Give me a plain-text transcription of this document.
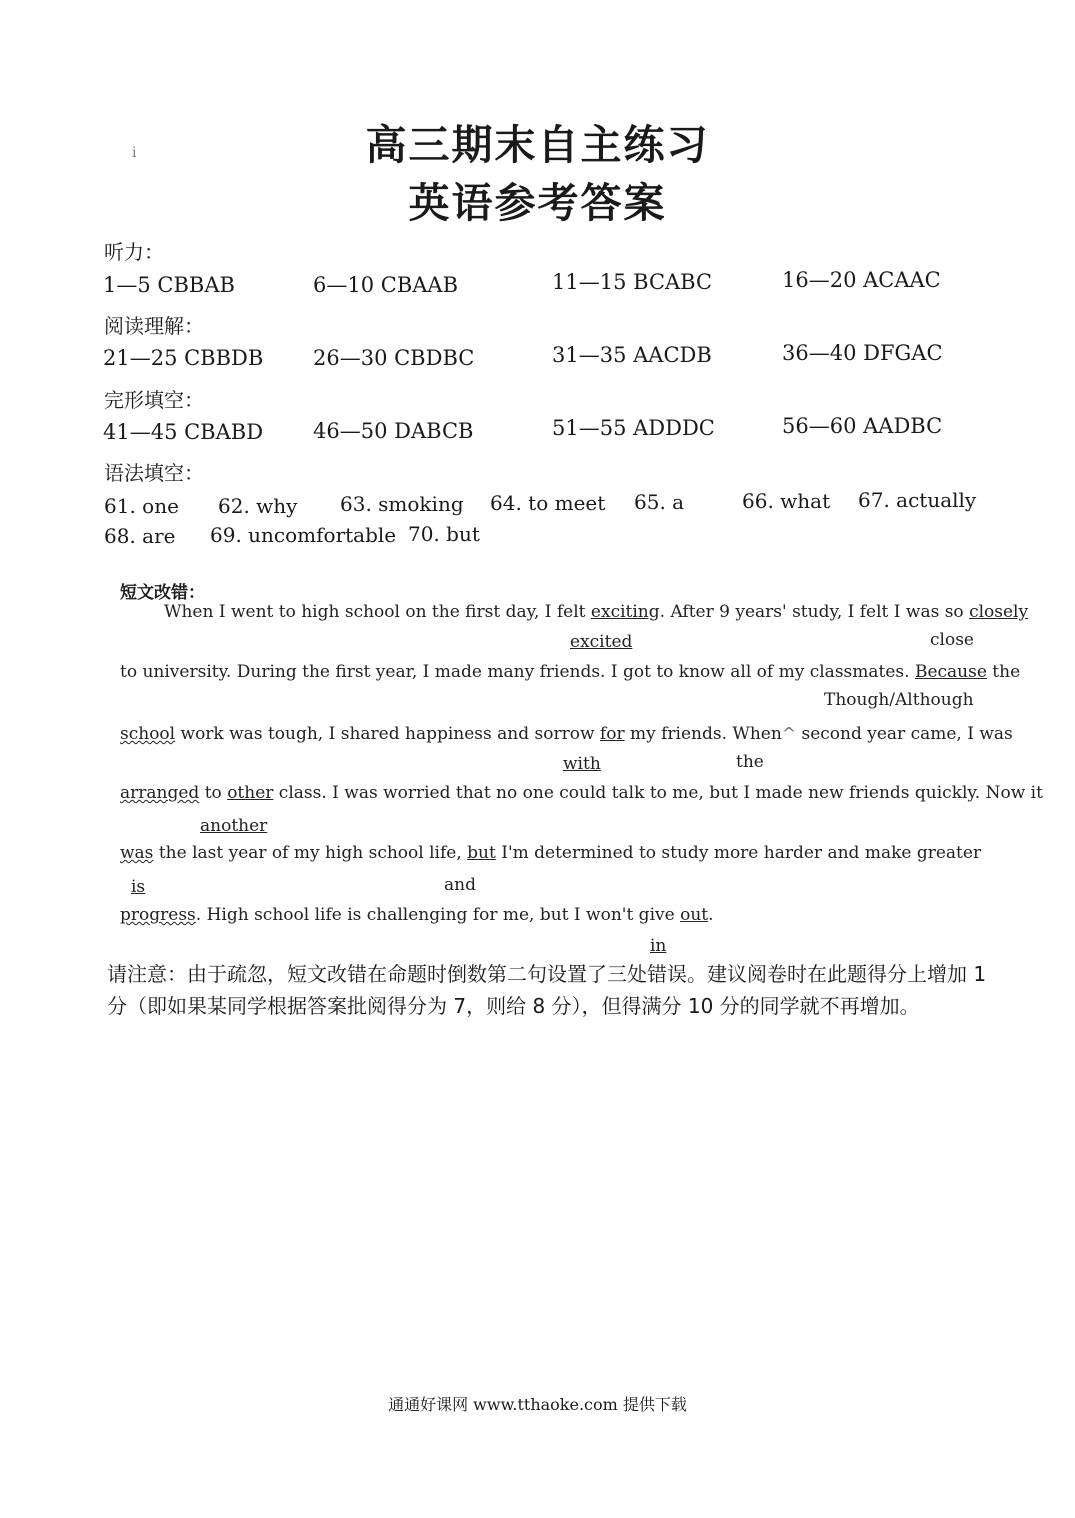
i	高三期末自主练习
英语参考答案
听力：
1—5 CBBAB	6—10 CBAAB	11—15 BCABC	16—20 ACAAC
阅读理解：
21—25 CBBDB 26—30 CBDBC	31—35 AACDB	36—40 DFGAC
完形填空：
41—45 CBABD 46—50 DABCB	51—55 ADDDC	56—60 AADBC
语法填空：
61. one 62. why 63. smoking 64. to meet 65. a	66. what 67. actually
68. are 69. uncomfortable 70. but
短文改错：
When I went to high school on the first day, I felt exciting. After 9 years' study, I felt I was so closely
excited	close
to university. During the first year, I made many friends. I got to know all of my classmates. Because the
Though/Although
school work was tough, I shared happiness and sorrow for my friends. When^ second year came, I was
with	the
arranged to other class. I was worried that no one could talk to me, but I made new friends quickly. Now it
another
was the last year of my high school life, but I'm determined to study more harder and make greater
is	and
progress. High school life is challenging for me, but I won't give out.
in
请注意：由于疏忽，短文改错在命题时倒数第二句设置了三处错误。建议阅卷时在此题得分上增加 1 分（即如果某同学根据答案批阅得分为 7，则给 8 分），但得满分 10 分的同学就不再增加。
通通好课网 www.tthaoke.com 提供下载
